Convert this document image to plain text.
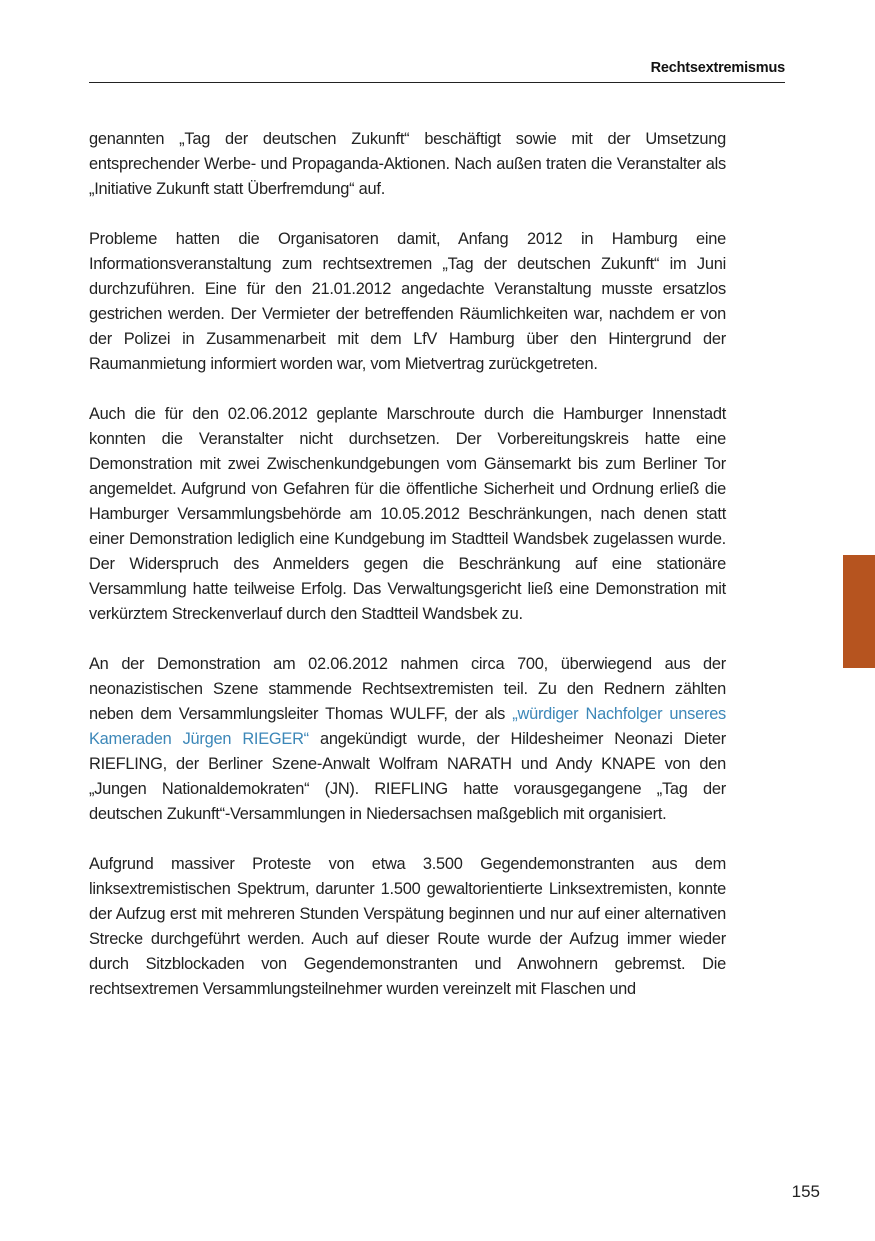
Rechtsextremismus

genannten „Tag der deutschen Zukunft“ beschäftigt sowie mit der Umsetzung entsprechender Werbe- und Propaganda-Aktionen. Nach außen traten die Veranstalter als „Initiative Zukunft statt Überfremdung“ auf.

Probleme hatten die Organisatoren damit, Anfang 2012 in Hamburg eine Informationsveranstaltung zum rechtsextremen „Tag der deutschen Zukunft“ im Juni durchzuführen. Eine für den 21.01.2012 angedachte Veranstaltung musste ersatzlos gestrichen werden. Der Vermieter der betreffenden Räumlichkeiten war, nachdem er von der Polizei in Zusammenarbeit mit dem LfV Hamburg über den Hintergrund der Raumanmietung informiert worden war, vom Mietvertrag zurückgetreten.

Auch die für den 02.06.2012 geplante Marschroute durch die Hamburger Innenstadt konnten die Veranstalter nicht durchsetzen. Der Vorbereitungskreis hatte eine Demonstration mit zwei Zwischenkundgebungen vom Gänsemarkt bis zum Berliner Tor angemeldet. Aufgrund von Gefahren für die öffentliche Sicherheit und Ordnung erließ die Hamburger Versammlungsbehörde am 10.05.2012 Beschränkungen, nach denen statt einer Demonstration lediglich eine Kundgebung im Stadtteil Wandsbek zugelassen wurde. Der Widerspruch des Anmelders gegen die Beschränkung auf eine stationäre Versammlung hatte teilweise Erfolg. Das Verwaltungsgericht ließ eine Demonstration mit verkürztem Streckenverlauf durch den Stadtteil Wandsbek zu.

An der Demonstration am 02.06.2012 nahmen circa 700, überwiegend aus der neonazistischen Szene stammende Rechtsextremisten teil. Zu den Rednern zählten neben dem Versammlungsleiter Thomas WULFF, der als „würdiger Nachfolger unseres Kameraden Jürgen RIEGER“ angekündigt wurde, der Hildesheimer Neonazi Dieter RIEFLING, der Berliner Szene-Anwalt Wolfram NARATH und Andy KNAPE von den „Jungen Nationaldemokraten“ (JN). RIEFLING hatte vorausgegangene „Tag der deutschen Zukunft“-Versammlungen in Niedersachsen maßgeblich mit organisiert.

Aufgrund massiver Proteste von etwa 3.500 Gegendemonstranten aus dem linksextremistischen Spektrum, darunter 1.500 gewaltorientierte Linksextremisten, konnte der Aufzug erst mit mehreren Stunden Verspätung beginnen und nur auf einer alternativen Strecke durchgeführt werden. Auch auf dieser Route wurde der Aufzug immer wieder durch Sitzblockaden von Gegendemonstranten und Anwohnern gebremst. Die rechtsextremen Versammlungsteilnehmer wurden vereinzelt mit Flaschen und

155
